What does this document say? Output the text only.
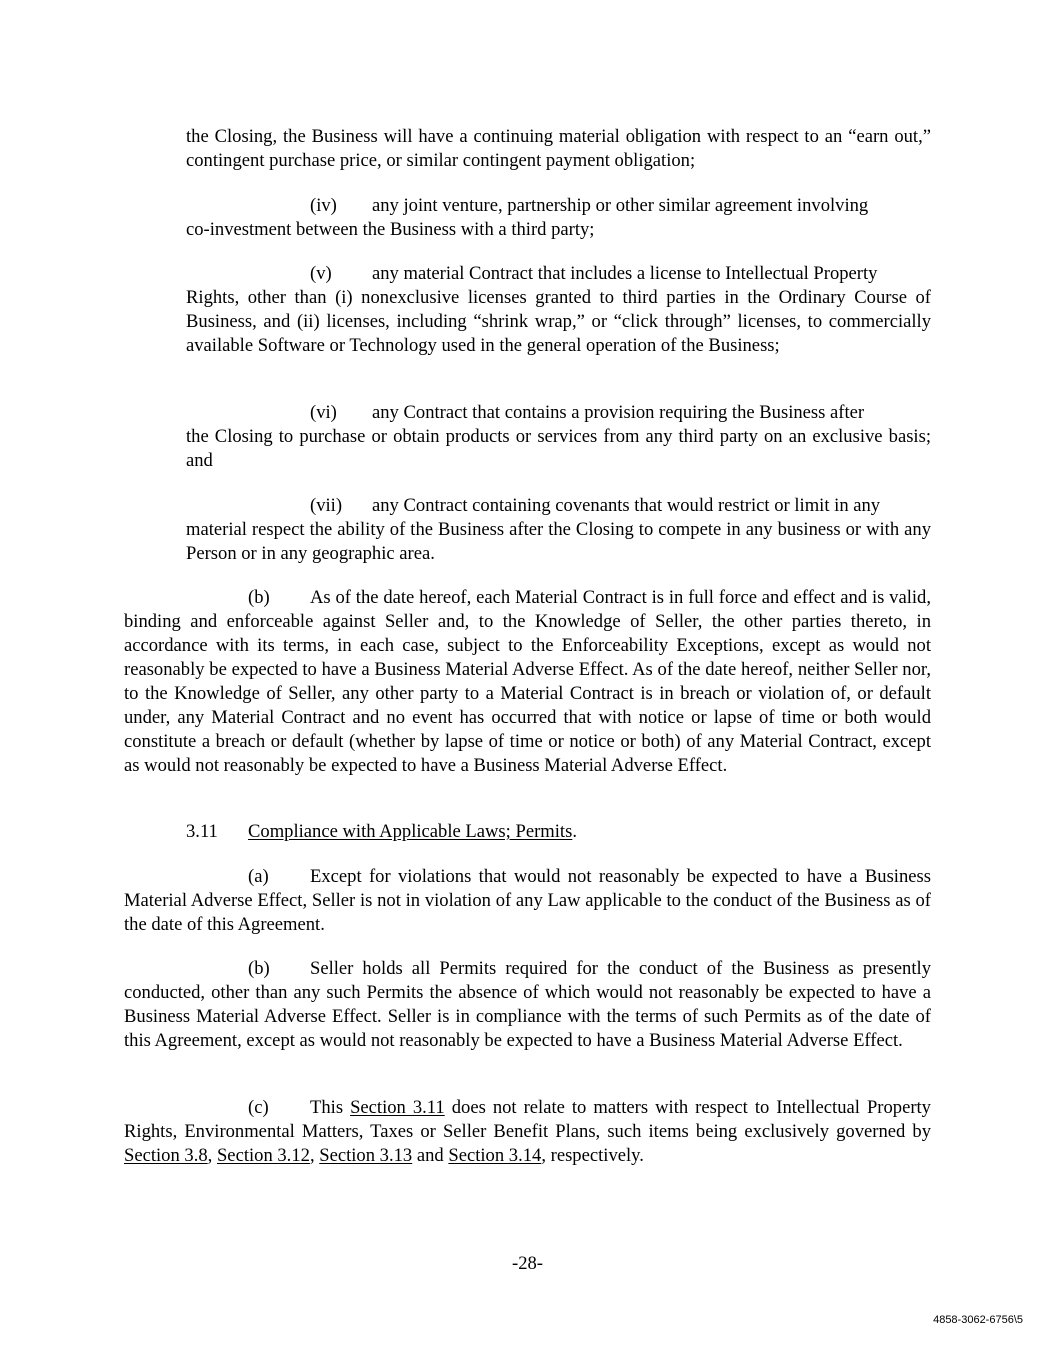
the Closing, the Business will have a continuing material obligation with respect to an “earn out,” contingent purchase price, or similar contingent payment obligation;

(iv) any joint venture, partnership or other similar agreement involving
co-investment between the Business with a third party;

(v) any material Contract that includes a license to Intellectual Property
Rights, other than (i) nonexclusive licenses granted to third parties in the Ordinary Course of Business, and (ii) licenses, including “shrink wrap,” or “click through” licenses, to commercially available Software or Technology used in the general operation of the Business;

(vi) any Contract that contains a provision requiring the Business after
the Closing to purchase or obtain products or services from any third party on an exclusive basis; and

(vii) any Contract containing covenants that would restrict or limit in any
material respect the ability of the Business after the Closing to compete in any business or with any Person or in any geographic area.

(b) As of the date hereof, each Material Contract is in full force and effect and is valid, binding and enforceable against Seller and, to the Knowledge of Seller, the other parties thereto, in accordance with its terms, in each case, subject to the Enforceability Exceptions, except as would not reasonably be expected to have a Business Material Adverse Effect. As of the date hereof, neither Seller nor, to the Knowledge of Seller, any other party to a Material Contract is in breach or violation of, or default under, any Material Contract and no event has occurred that with notice or lapse of time or both would constitute a breach or default (whether by lapse of time or notice or both) of any Material Contract, except as would not reasonably be expected to have a Business Material Adverse Effect.

3.11 Compliance with Applicable Laws; Permits.

(a) Except for violations that would not reasonably be expected to have a Business Material Adverse Effect, Seller is not in violation of any Law applicable to the conduct of the Business as of the date of this Agreement.

(b) Seller holds all Permits required for the conduct of the Business as presently conducted, other than any such Permits the absence of which would not reasonably be expected to have a Business Material Adverse Effect. Seller is in compliance with the terms of such Permits as of the date of this Agreement, except as would not reasonably be expected to have a Business Material Adverse Effect.

(c) This Section 3.11 does not relate to matters with respect to Intellectual Property Rights, Environmental Matters, Taxes or Seller Benefit Plans, such items being exclusively governed by Section 3.8, Section 3.12, Section 3.13 and Section 3.14, respectively.

-28-
4858-3062-6756\5
